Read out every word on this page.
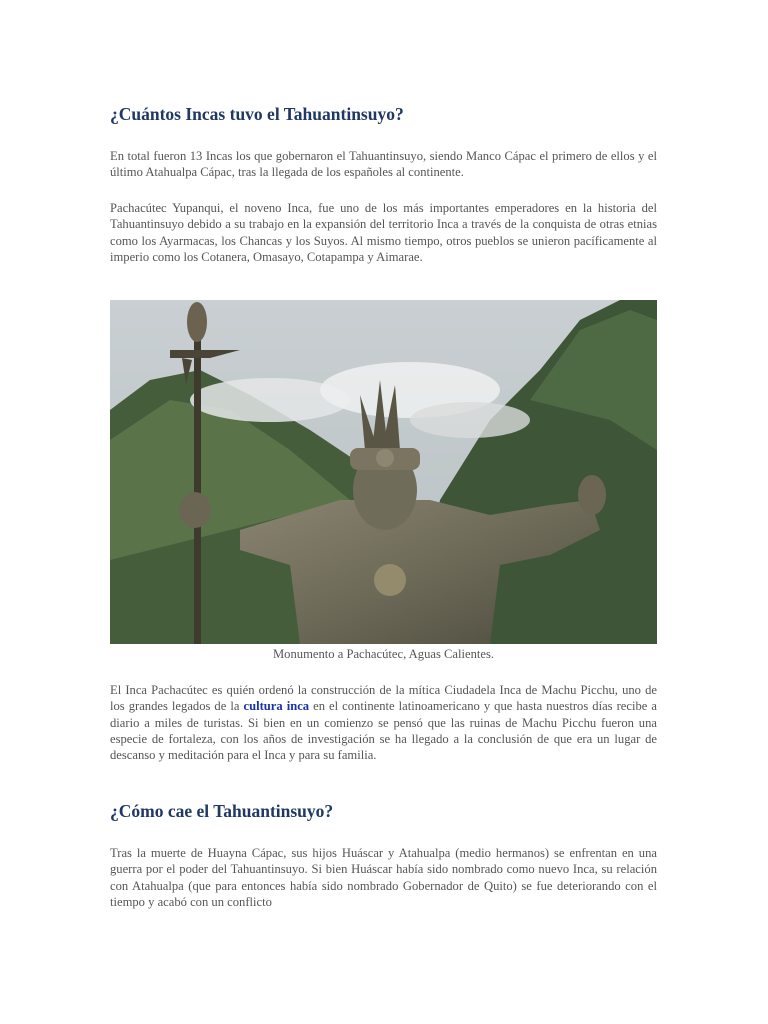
¿Cuántos Incas tuvo el Tahuantinsuyo?

En total fueron 13 Incas los que gobernaron el Tahuantinsuyo, siendo Manco Cápac el primero de ellos y el último Atahualpa Cápac, tras la llegada de los españoles al continente.

Pachacútec Yupanqui, el noveno Inca, fue uno de los más importantes emperadores en la historia del Tahuantinsuyo debido a su trabajo en la expansión del territorio Inca a través de la conquista de otras etnias como los Ayarmacas, los Chancas y los Suyos. Al mismo tiempo, otros pueblos se unieron pacíficamente al imperio como los Cotanera, Omasayo, Cotapampa y Aimarae.

Monumento a Pachacútec, Aguas Calientes.

El Inca Pachacútec es quién ordenó la construcción de la mítica Ciudadela Inca de Machu Picchu, uno de los grandes legados de la cultura inca en el continente latinoamericano y que hasta nuestros días recibe a diario a miles de turistas. Si bien en un comienzo se pensó que las ruinas de Machu Picchu fueron una especie de fortaleza, con los años de investigación se ha llegado a la conclusión de que era un lugar de descanso y meditación para el Inca y para su familia.

¿Cómo cae el Tahuantinsuyo?

Tras la muerte de Huayna Cápac, sus hijos Huáscar y Atahualpa (medio hermanos) se enfrentan en una guerra por el poder del Tahuantinsuyo. Si bien Huáscar había sido nombrado como nuevo Inca, su relación con Atahualpa (que para entonces había sido nombrado Gobernador de Quito) se fue deteriorando con el tiempo y acabó con un conflicto
